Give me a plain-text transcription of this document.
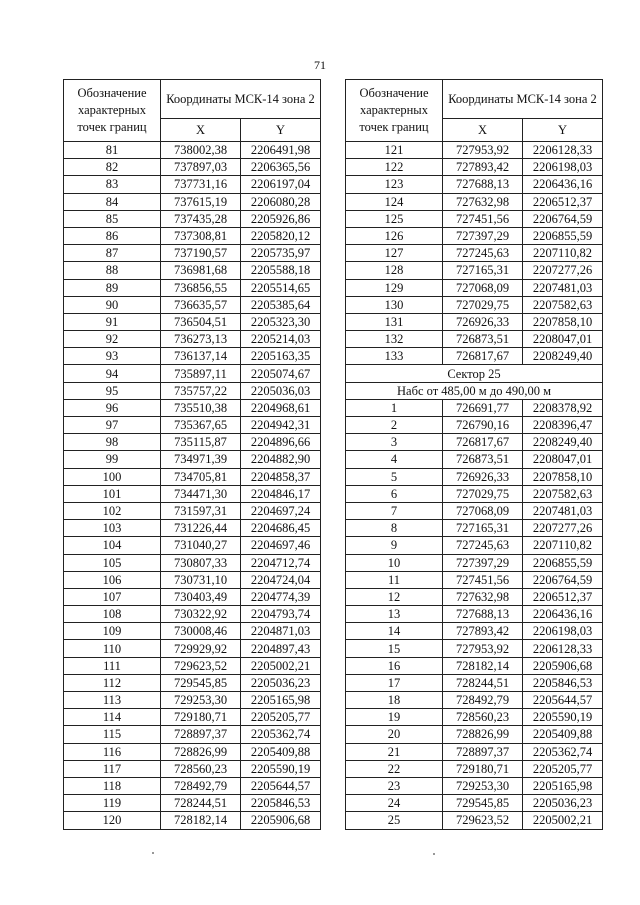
71
Обозначение характерных точек границ	Координаты МСК-14 зона 2	
	X	Y
81	738002,38	2206491,98
82	737897,03	2206365,56
83	737731,16	2206197,04
84	737615,19	2206080,28
85	737435,28	2205926,86
86	737308,81	2205820,12
87	737190,57	2205735,97
88	736981,68	2205588,18
89	736856,55	2205514,65
90	736635,57	2205385,64
91	736504,51	2205323,30
92	736273,13	2205214,03
93	736137,14	2205163,35
94	735897,11	2205074,67
95	735757,22	2205036,03
96	735510,38	2204968,61
97	735367,65	2204942,31
98	735115,87	2204896,66
99	734971,39	2204882,90
100	734705,81	2204858,37
101	734471,30	2204846,17
102	731597,31	2204697,24
103	731226,44	2204686,45
104	731040,27	2204697,46
105	730807,33	2204712,74
106	730731,10	2204724,04
107	730403,49	2204774,39
108	730322,92	2204793,74
109	730008,46	2204871,03
110	729929,92	2204897,43
111	729623,52	2205002,21
112	729545,85	2205036,23
113	729253,30	2205165,98
114	729180,71	2205205,77
115	728897,37	2205362,74
116	728826,99	2205409,88
117	728560,23	2205590,19
118	728492,79	2205644,57
119	728244,51	2205846,53
120	728182,14	2205906,68
Обозначение характерных точек границ	Координаты МСК-14 зона 2	
	X	Y
121	727953,92	2206128,33
122	727893,42	2206198,03
123	727688,13	2206436,16
124	727632,98	2206512,37
125	727451,56	2206764,59
126	727397,29	2206855,59
127	727245,63	2207110,82
128	727165,31	2207277,26
129	727068,09	2207481,03
130	727029,75	2207582,63
131	726926,33	2207858,10
132	726873,51	2208047,01
133	726817,67	2208249,40
Сектор 25		
Набс от 485,00 м до 490,00 м		
1	726691,77	2208378,92
2	726790,16	2208396,47
3	726817,67	2208249,40
4	726873,51	2208047,01
5	726926,33	2207858,10
6	727029,75	2207582,63
7	727068,09	2207481,03
8	727165,31	2207277,26
9	727245,63	2207110,82
10	727397,29	2206855,59
11	727451,56	2206764,59
12	727632,98	2206512,37
13	727688,13	2206436,16
14	727893,42	2206198,03
15	727953,92	2206128,33
16	728182,14	2205906,68
17	728244,51	2205846,53
18	728492,79	2205644,57
19	728560,23	2205590,19
20	728826,99	2205409,88
21	728897,37	2205362,74
22	729180,71	2205205,77
23	729253,30	2205165,98
24	729545,85	2205036,23
25	729623,52	2205002,21
